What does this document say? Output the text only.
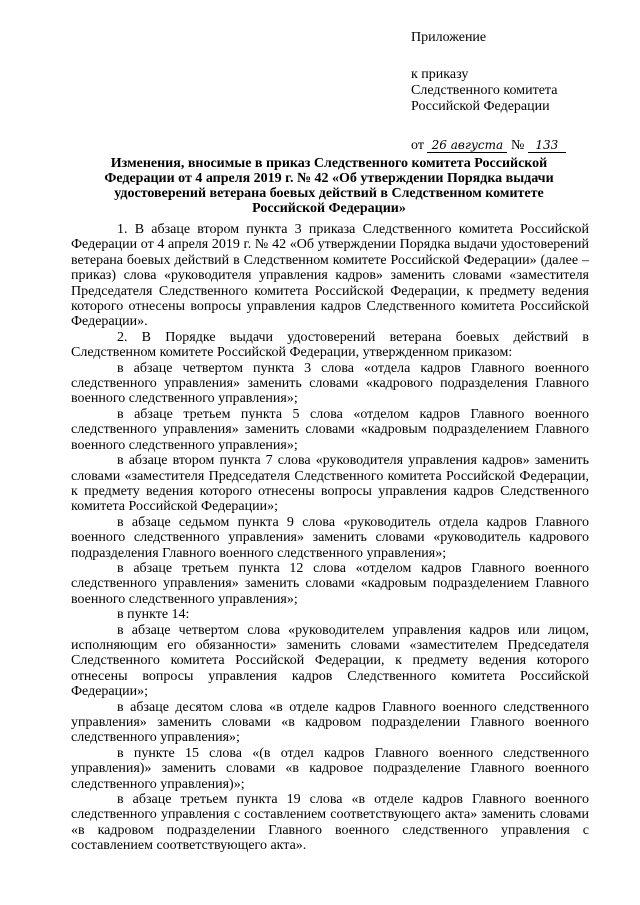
Приложение
к приказу
Следственного комитета
Российской Федерации
от 26 августа № 133
Изменения, вносимые в приказ Следственного комитета Российской
Федерации от 4 апреля 2019 г. № 42 «Об утверждении Порядка выдачи
удостоверений ветерана боевых действий в Следственном комитете
Российской Федерации»

1. В абзаце втором пункта 3 приказа Следственного комитета Российской Федерации от 4 апреля 2019 г. № 42 «Об утверждении Порядка выдачи удостоверений ветерана боевых действий в Следственном комитете Российской Федерации» (далее – приказ) слова «руководителя управления кадров» заменить словами «заместителя Председателя Следственного комитета Российской Федерации, к предмету ведения которого отнесены вопросы управления кадров Следственного комитета Российской Федерации».

2. В Порядке выдачи удостоверений ветерана боевых действий в Следственном комитете Российской Федерации, утвержденном приказом:

в абзаце четвертом пункта 3 слова «отдела кадров Главного военного следственного управления» заменить словами «кадрового подразделения Главного военного следственного управления»;

в абзаце третьем пункта 5 слова «отделом кадров Главного военного следственного управления» заменить словами «кадровым подразделением Главного военного следственного управления»;

в абзаце втором пункта 7 слова «руководителя управления кадров» заменить словами «заместителя Председателя Следственного комитета Российской Федерации, к предмету ведения которого отнесены вопросы управления кадров Следственного комитета Российской Федерации»;

в абзаце седьмом пункта 9 слова «руководитель отдела кадров Главного военного следственного управления» заменить словами «руководитель кадрового подразделения Главного военного следственного управления»;

в абзаце третьем пункта 12 слова «отделом кадров Главного военного следственного управления» заменить словами «кадровым подразделением Главного военного следственного управления»;

в пункте 14:

в абзаце четвертом слова «руководителем управления кадров или лицом, исполняющим его обязанности» заменить словами «заместителем Председателя Следственного комитета Российской Федерации, к предмету ведения которого отнесены вопросы управления кадров Следственного комитета Российской Федерации»;

в абзаце десятом слова «в отделе кадров Главного военного следственного управления» заменить словами «в кадровом подразделении Главного военного следственного управления»;

в пункте 15 слова «(в отдел кадров Главного военного следственного управления)» заменить словами «в кадровое подразделение Главного военного следственного управления)»;

в абзаце третьем пункта 19 слова «в отделе кадров Главного военного следственного управления с составлением соответствующего акта» заменить словами «в кадровом подразделении Главного военного следственного управления с составлением соответствующего акта».
